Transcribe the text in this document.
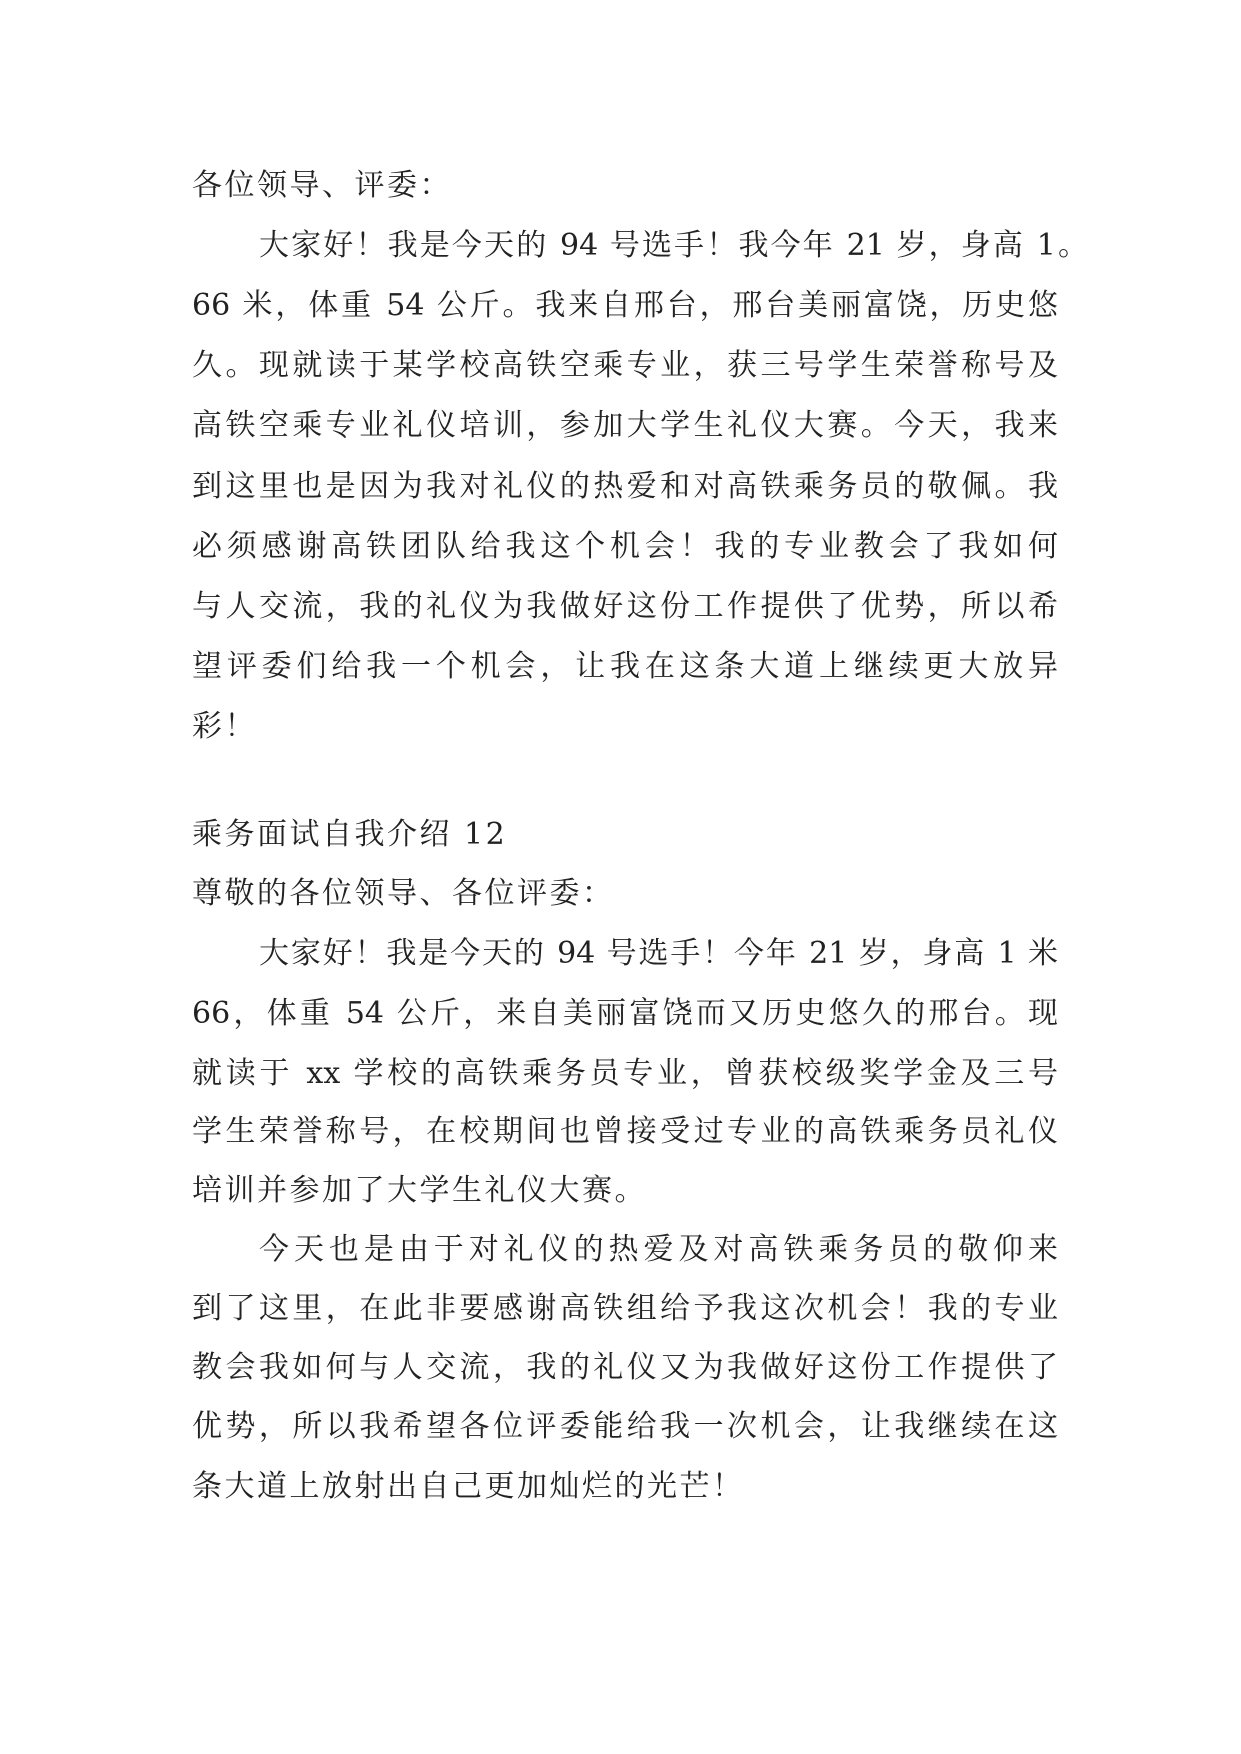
各位领导、评委：
大家好！我是今天的 94 号选手！我今年 21 岁，身高 1。
66 米，体重 54 公斤。我来自邢台，邢台美丽富饶，历史悠
久。现就读于某学校高铁空乘专业，获三号学生荣誉称号及
高铁空乘专业礼仪培训，参加大学生礼仪大赛。今天，我来
到这里也是因为我对礼仪的热爱和对高铁乘务员的敬佩。我
必须感谢高铁团队给我这个机会！我的专业教会了我如何
与人交流，我的礼仪为我做好这份工作提供了优势，所以希
望评委们给我一个机会，让我在这条大道上继续更大放异
彩！
乘务面试自我介绍 12
尊敬的各位领导、各位评委：
大家好！我是今天的 94 号选手！今年 21 岁，身高 1 米
66，体重 54 公斤，来自美丽富饶而又历史悠久的邢台。现
就读于 xx 学校的高铁乘务员专业，曾获校级奖学金及三号
学生荣誉称号，在校期间也曾接受过专业的高铁乘务员礼仪
培训并参加了大学生礼仪大赛。
今天也是由于对礼仪的热爱及对高铁乘务员的敬仰来
到了这里，在此非要感谢高铁组给予我这次机会！我的专业
教会我如何与人交流，我的礼仪又为我做好这份工作提供了
优势，所以我希望各位评委能给我一次机会，让我继续在这
条大道上放射出自己更加灿烂的光芒！
